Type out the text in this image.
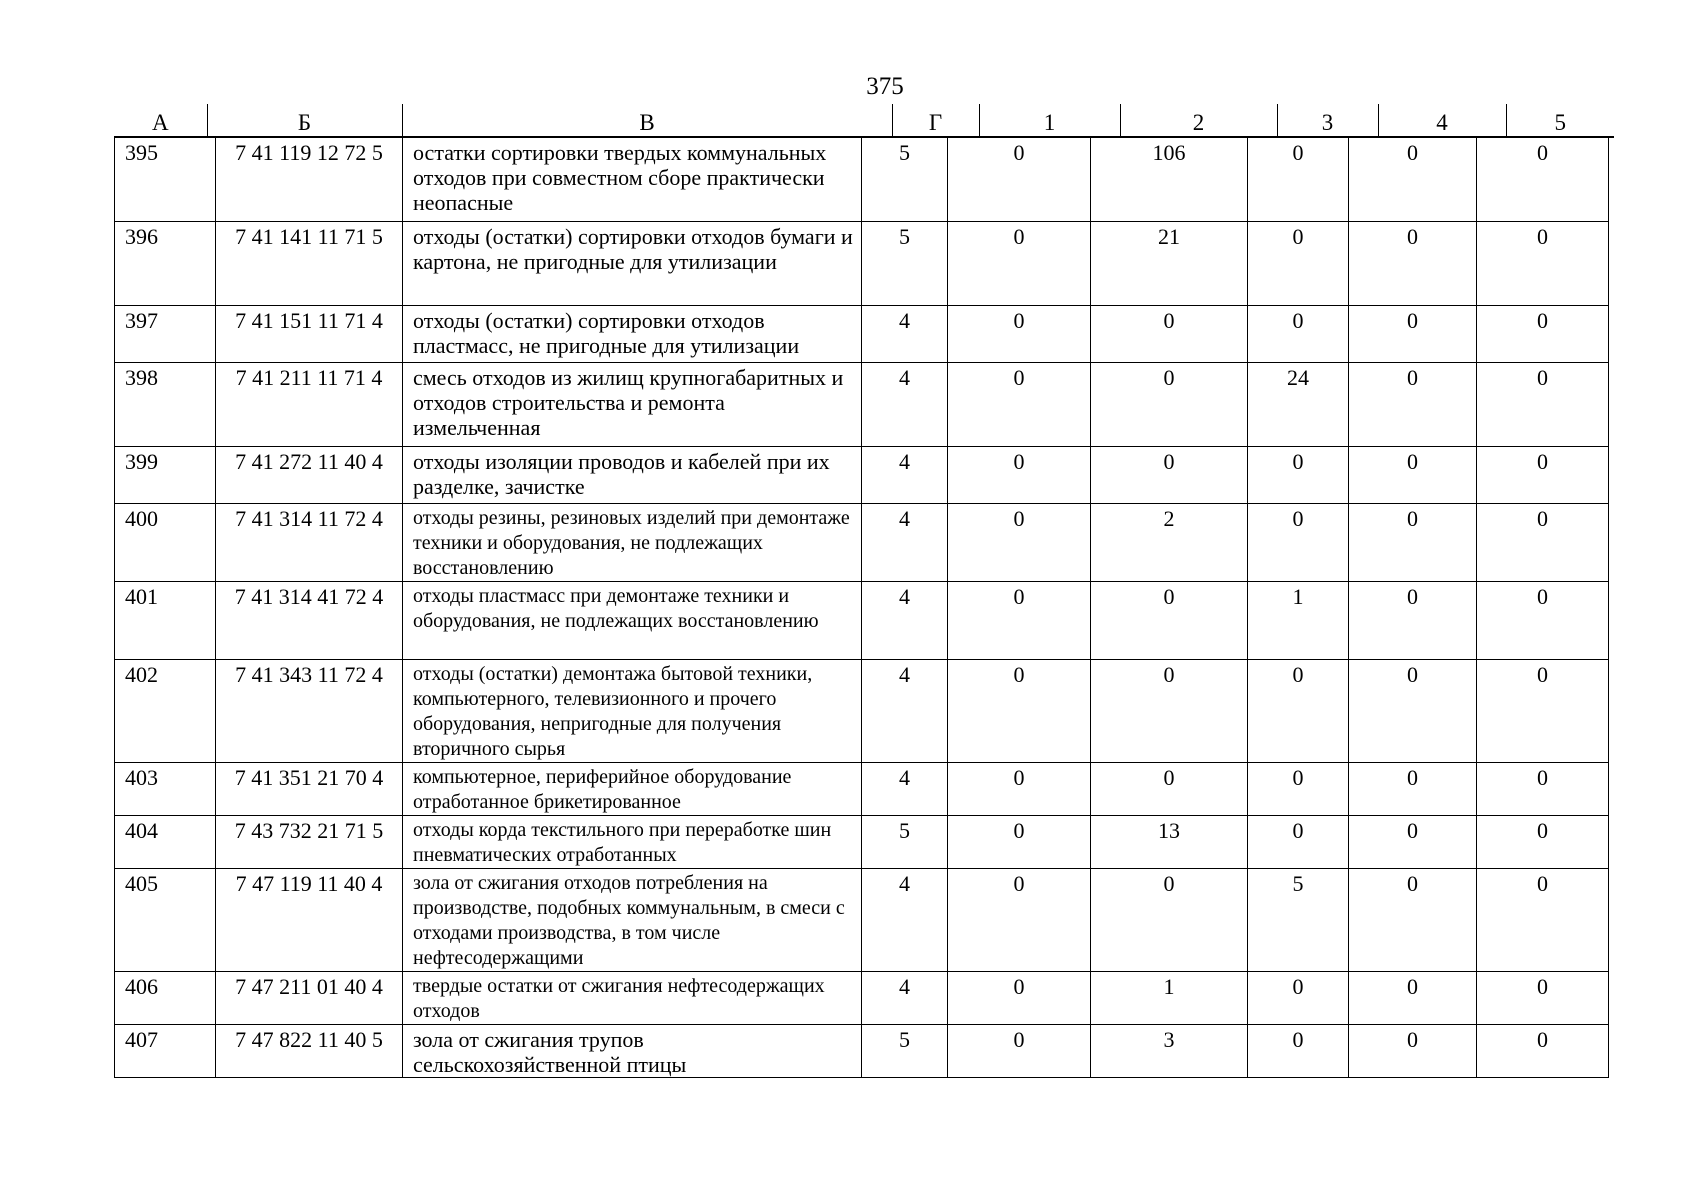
375
А	Б	В	Г	1	2	3	4	5
395	7 41 119 12 72 5	остатки сортировки твердых коммунальных отходов при совместном сборе практически неопасные	5	0	106	0	0	0
396	7 41 141 11 71 5	отходы (остатки) сортировки отходов бумаги и картона, не пригодные для утилизации	5	0	21	0	0	0
397	7 41 151 11 71 4	отходы (остатки) сортировки отходов пластмасс, не пригодные для утилизации	4	0	0	0	0	0
398	7 41 211 11 71 4	смесь отходов из жилищ крупногабаритных и отходов строительства и ремонта измельченная	4	0	0	24	0	0
399	7 41 272 11 40 4	отходы изоляции проводов и кабелей при их разделке, зачистке	4	0	0	0	0	0
400	7 41 314 11 72 4	отходы резины, резиновых изделий при демонтаже техники и оборудования, не подлежащих восстановлению	4	0	2	0	0	0
401	7 41 314 41 72 4	отходы пластмасс при демонтаже техники и оборудования, не подлежащих восстановлению	4	0	0	1	0	0
402	7 41 343 11 72 4	отходы (остатки) демонтажа бытовой техники, компьютерного, телевизионного и прочего оборудования, непригодные для получения вторичного сырья	4	0	0	0	0	0
403	7 41 351 21 70 4	компьютерное, периферийное оборудование отработанное брикетированное	4	0	0	0	0	0
404	7 43 732 21 71 5	отходы корда текстильного при переработке шин пневматических отработанных	5	0	13	0	0	0
405	7 47 119 11 40 4	зола от сжигания отходов потребления на производстве, подобных коммунальным, в смеси с отходами производства, в том числе нефтесодержащими	4	0	0	5	0	0
406	7 47 211 01 40 4	твердые остатки от сжигания нефтесодержащих отходов	4	0	1	0	0	0
407	7 47 822 11 40 5	зола от сжигания трупов сельскохозяйственной птицы	5	0	3	0	0	0
